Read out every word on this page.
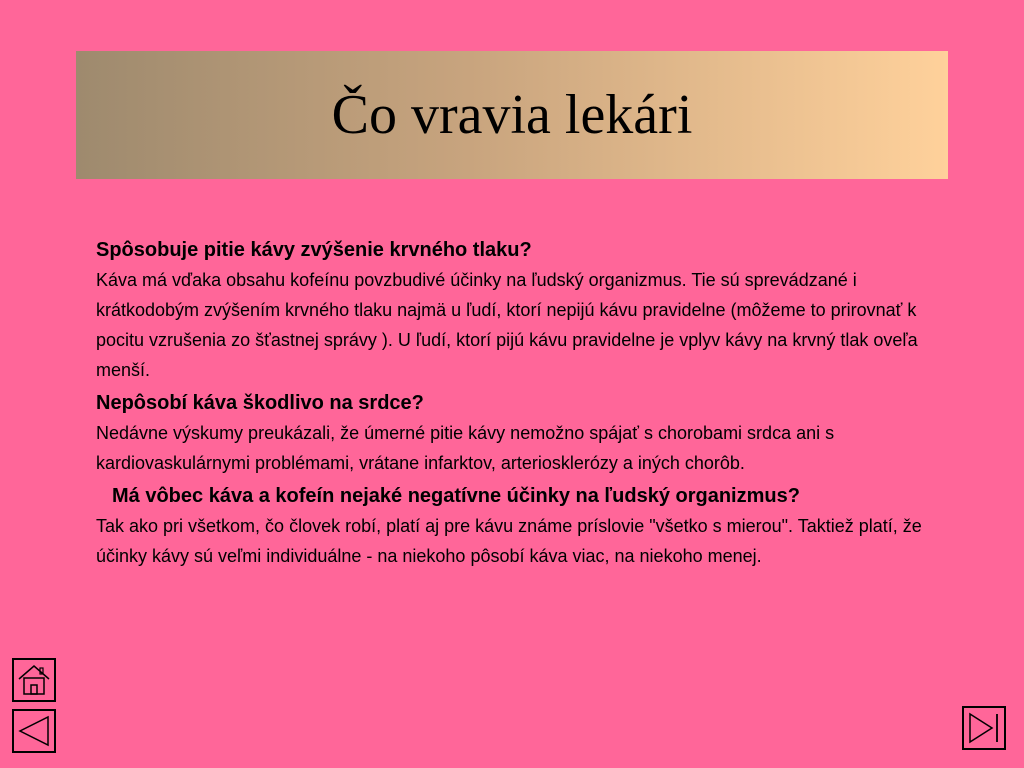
Čo vravia lekári

Spôsobuje pitie kávy zvýšenie krvného tlaku?

Káva má vďaka obsahu kofeínu povzbudivé účinky na ľudský organizmus. Tie sú sprevádzané i krátkodobým zvýšením krvného tlaku najmä u ľudí, ktorí nepijú kávu pravidelne (môžeme to prirovnať k pocitu vzrušenia zo šťastnej správy ). U ľudí, ktorí pijú kávu pravidelne je vplyv kávy na krvný tlak oveľa menší.

Nepôsobí káva škodlivo na srdce?

Nedávne výskumy preukázali, že úmerné pitie kávy nemožno spájať s chorobami srdca ani s kardiovaskulárnymi problémami, vrátane infarktov, arteriosklerózy a iných chorôb.

Má vôbec káva a kofeín nejaké negatívne účinky na ľudský organizmus?

Tak ako pri všetkom, čo človek robí, platí aj pre kávu známe príslovie "všetko s mierou". Taktiež platí, že účinky kávy sú veľmi individuálne - na niekoho pôsobí káva viac, na niekoho menej.
